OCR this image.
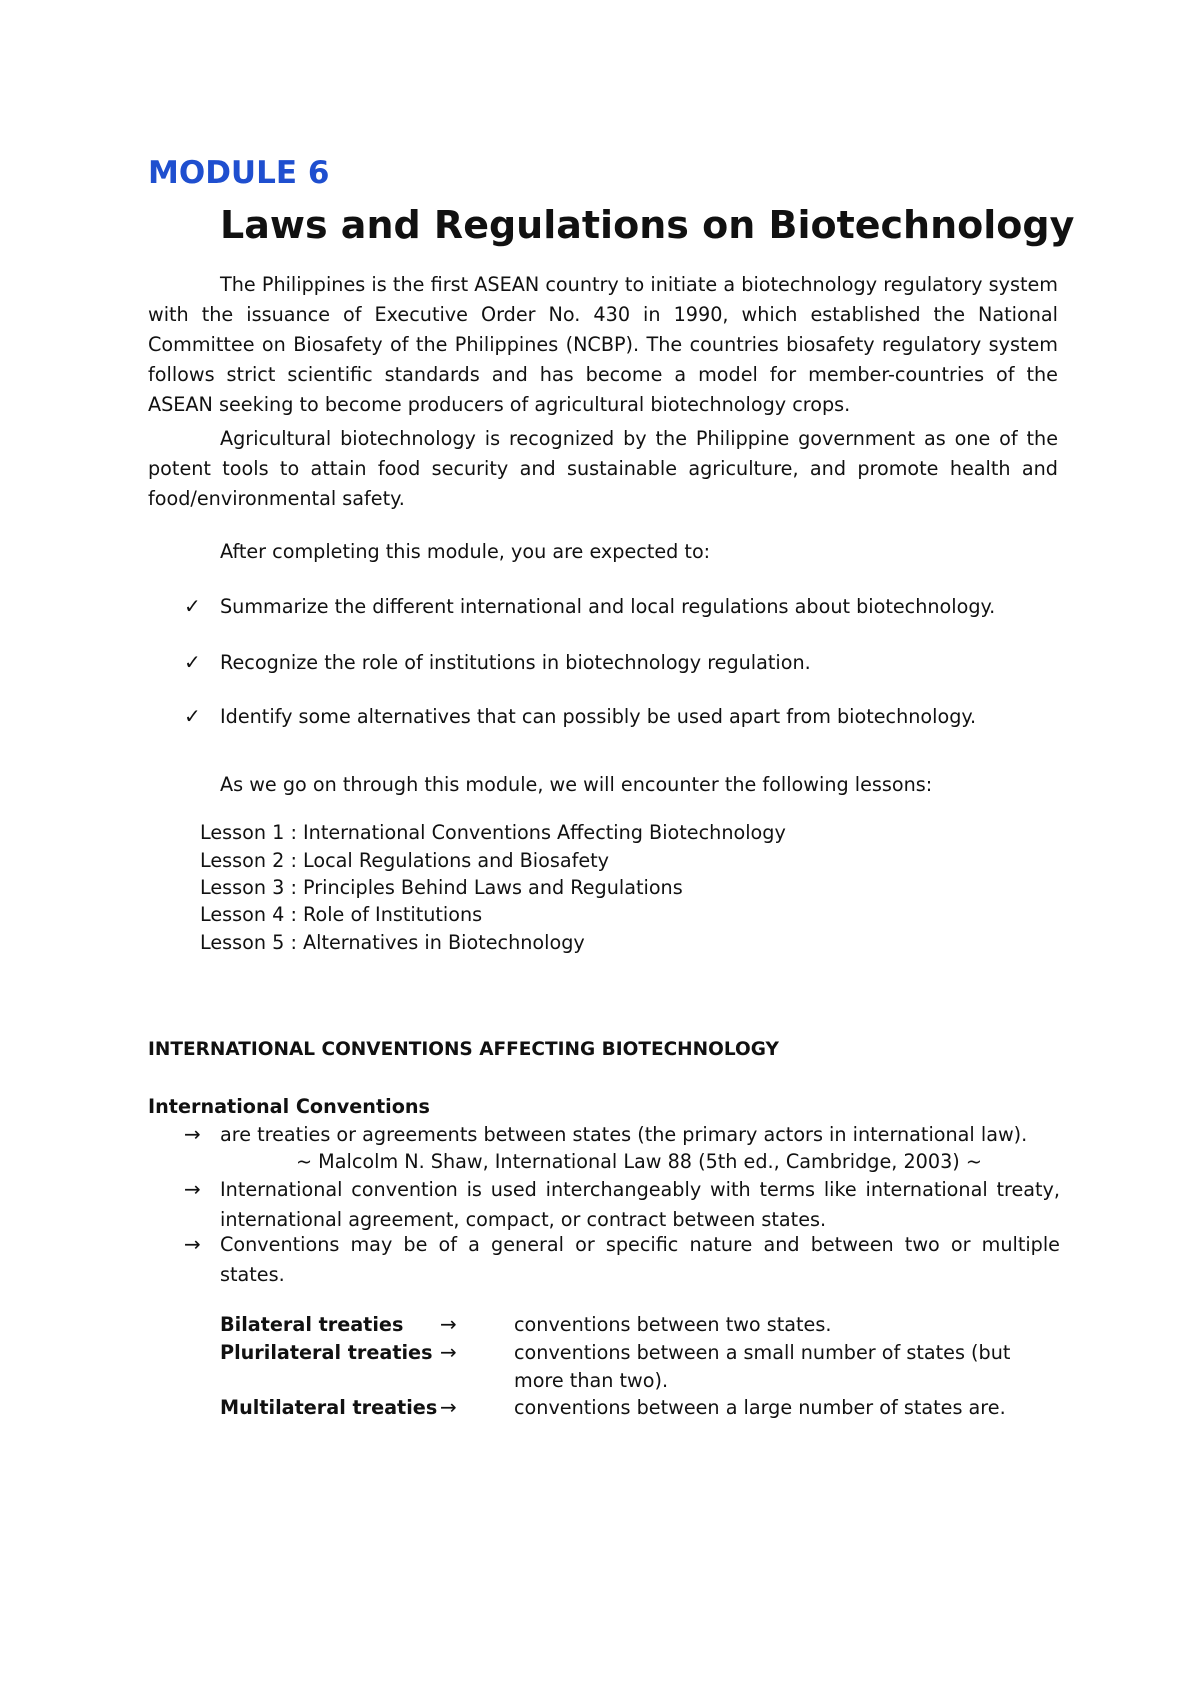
MODULE 6
Laws and Regulations on Biotechnology

The Philippines is the first ASEAN country to initiate a biotechnology regulatory system with the issuance of Executive Order No. 430 in 1990, which established the National Committee on Biosafety of the Philippines (NCBP). The countries biosafety regulatory system follows strict scientific standards and has become a model for member-countries of the ASEAN seeking to become producers of agricultural biotechnology crops.

Agricultural biotechnology is recognized by the Philippine government as one of the potent tools to attain food security and sustainable agriculture, and promote health and food/environmental safety.

After completing this module, you are expected to:
✓ Summarize the different international and local regulations about biotechnology.
✓ Recognize the role of institutions in biotechnology regulation.
✓ Identify some alternatives that can possibly be used apart from biotechnology.
As we go on through this module, we will encounter the following lessons:
Lesson 1 : International Conventions Affecting Biotechnology
Lesson 2 : Local Regulations and Biosafety
Lesson 3 : Principles Behind Laws and Regulations
Lesson 4 : Role of Institutions
Lesson 5 : Alternatives in Biotechnology
INTERNATIONAL CONVENTIONS AFFECTING BIOTECHNOLOGY
International Conventions
→ are treaties or agreements between states (the primary actors in international law).
~ Malcolm N. Shaw, International Law 88 (5th ed., Cambridge, 2003) ~
→ International convention is used interchangeably with terms like international treaty, international agreement, compact, or contract between states.

→ Conventions may be of a general or specific nature and between two or multiple states.

Bilateral treaties →	conventions between two states.
Plurilateral treaties →	conventions between a small number of states (but more than two).

Multilateral treaties →	conventions between a large number of states are.
